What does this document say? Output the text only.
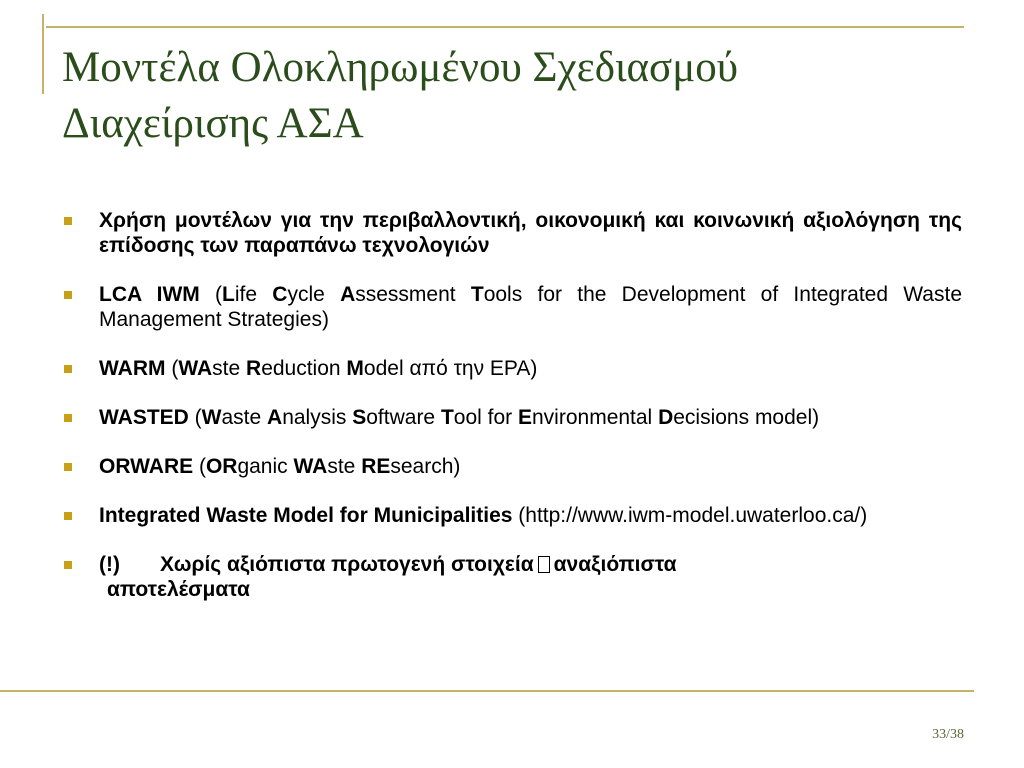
Μοντέλα Ολοκληρωμένου Σχεδιασμού
Διαχείρισης ΑΣΑ
Χρήση μοντέλων για την περιβαλλοντική, οικονομική και κοινωνική αξιολόγηση της επίδοσης των παραπάνω τεχνολογιών
LCA IWM (Life Cycle Assessment Tools for the Development of Integrated Waste Management Strategies)
WARM (WAste Reduction Model από την EPA)
WASTED (Waste Analysis Software Tool for Environmental Decisions model)
ORWARE (ORganic WAste REsearch)
Integrated Waste Model for Municipalities (http://www.iwm-model.uwaterloo.ca/)
(!) Χωρίς αξιόπιστα πρωτογενή στοιχεία αναξιόπιστα
αποτελέσματα
33/38
